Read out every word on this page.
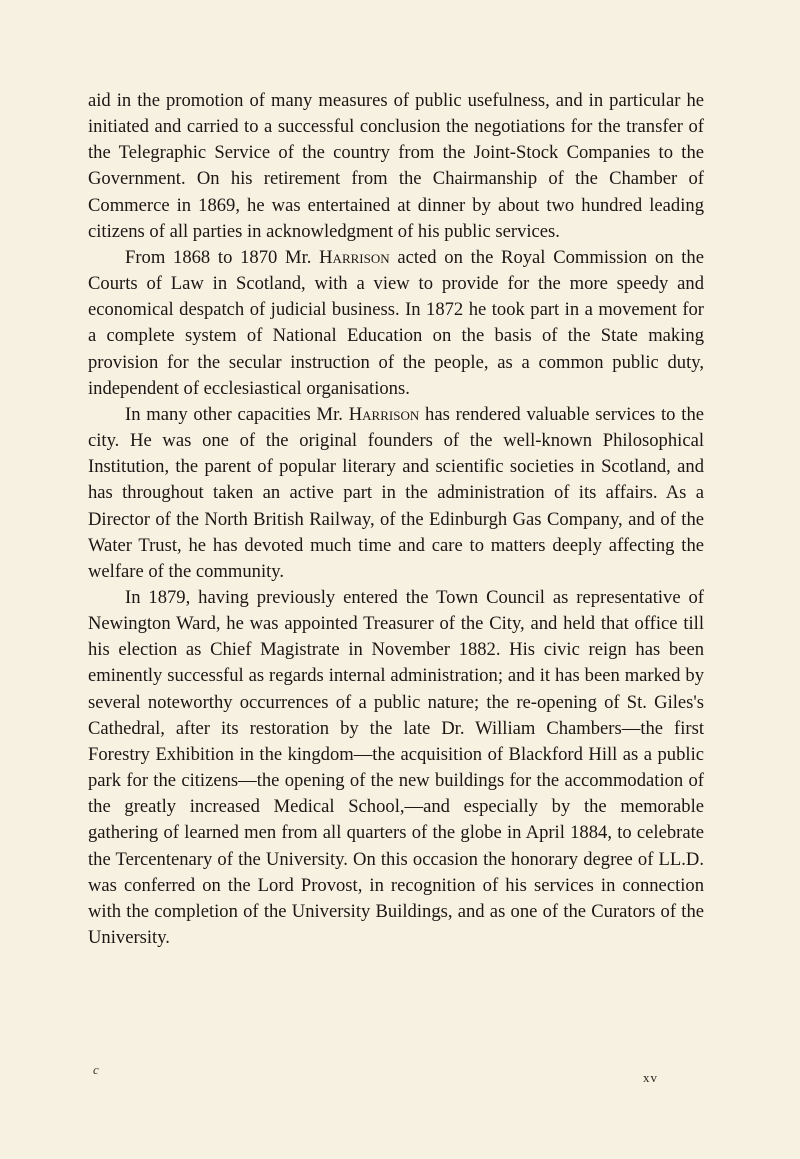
aid in the promotion of many measures of public usefulness, and in particular he initiated and carried to a successful conclusion the negotiations for the transfer of the Telegraphic Service of the country from the Joint-Stock Companies to the Government. On his retirement from the Chairmanship of the Chamber of Commerce in 1869, he was entertained at dinner by about two hundred leading citizens of all parties in acknowledgment of his public services.

From 1868 to 1870 Mr. Harrison acted on the Royal Commission on the Courts of Law in Scotland, with a view to provide for the more speedy and economical despatch of judicial business. In 1872 he took part in a movement for a complete system of National Education on the basis of the State making provision for the secular instruction of the people, as a common public duty, independent of ecclesiastical organisations.

In many other capacities Mr. Harrison has rendered valuable services to the city. He was one of the original founders of the well-known Philosophical Institution, the parent of popular literary and scientific societies in Scotland, and has throughout taken an active part in the administration of its affairs. As a Director of the North British Railway, of the Edinburgh Gas Company, and of the Water Trust, he has devoted much time and care to matters deeply affecting the welfare of the community.

In 1879, having previously entered the Town Council as representative of Newington Ward, he was appointed Treasurer of the City, and held that office till his election as Chief Magistrate in November 1882. His civic reign has been eminently successful as regards internal administration; and it has been marked by several noteworthy occurrences of a public nature; the re-opening of St. Giles's Cathedral, after its restoration by the late Dr. William Chambers—the first Forestry Exhibition in the kingdom—the acquisition of Blackford Hill as a public park for the citizens—the opening of the new buildings for the accommodation of the greatly increased Medical School,—and especially by the memorable gathering of learned men from all quarters of the globe in April 1884, to celebrate the Tercentenary of the University. On this occasion the honorary degree of LL.D. was conferred on the Lord Provost, in recognition of his services in connection with the completion of the University Buildings, and as one of the Curators of the University.

c
xv
